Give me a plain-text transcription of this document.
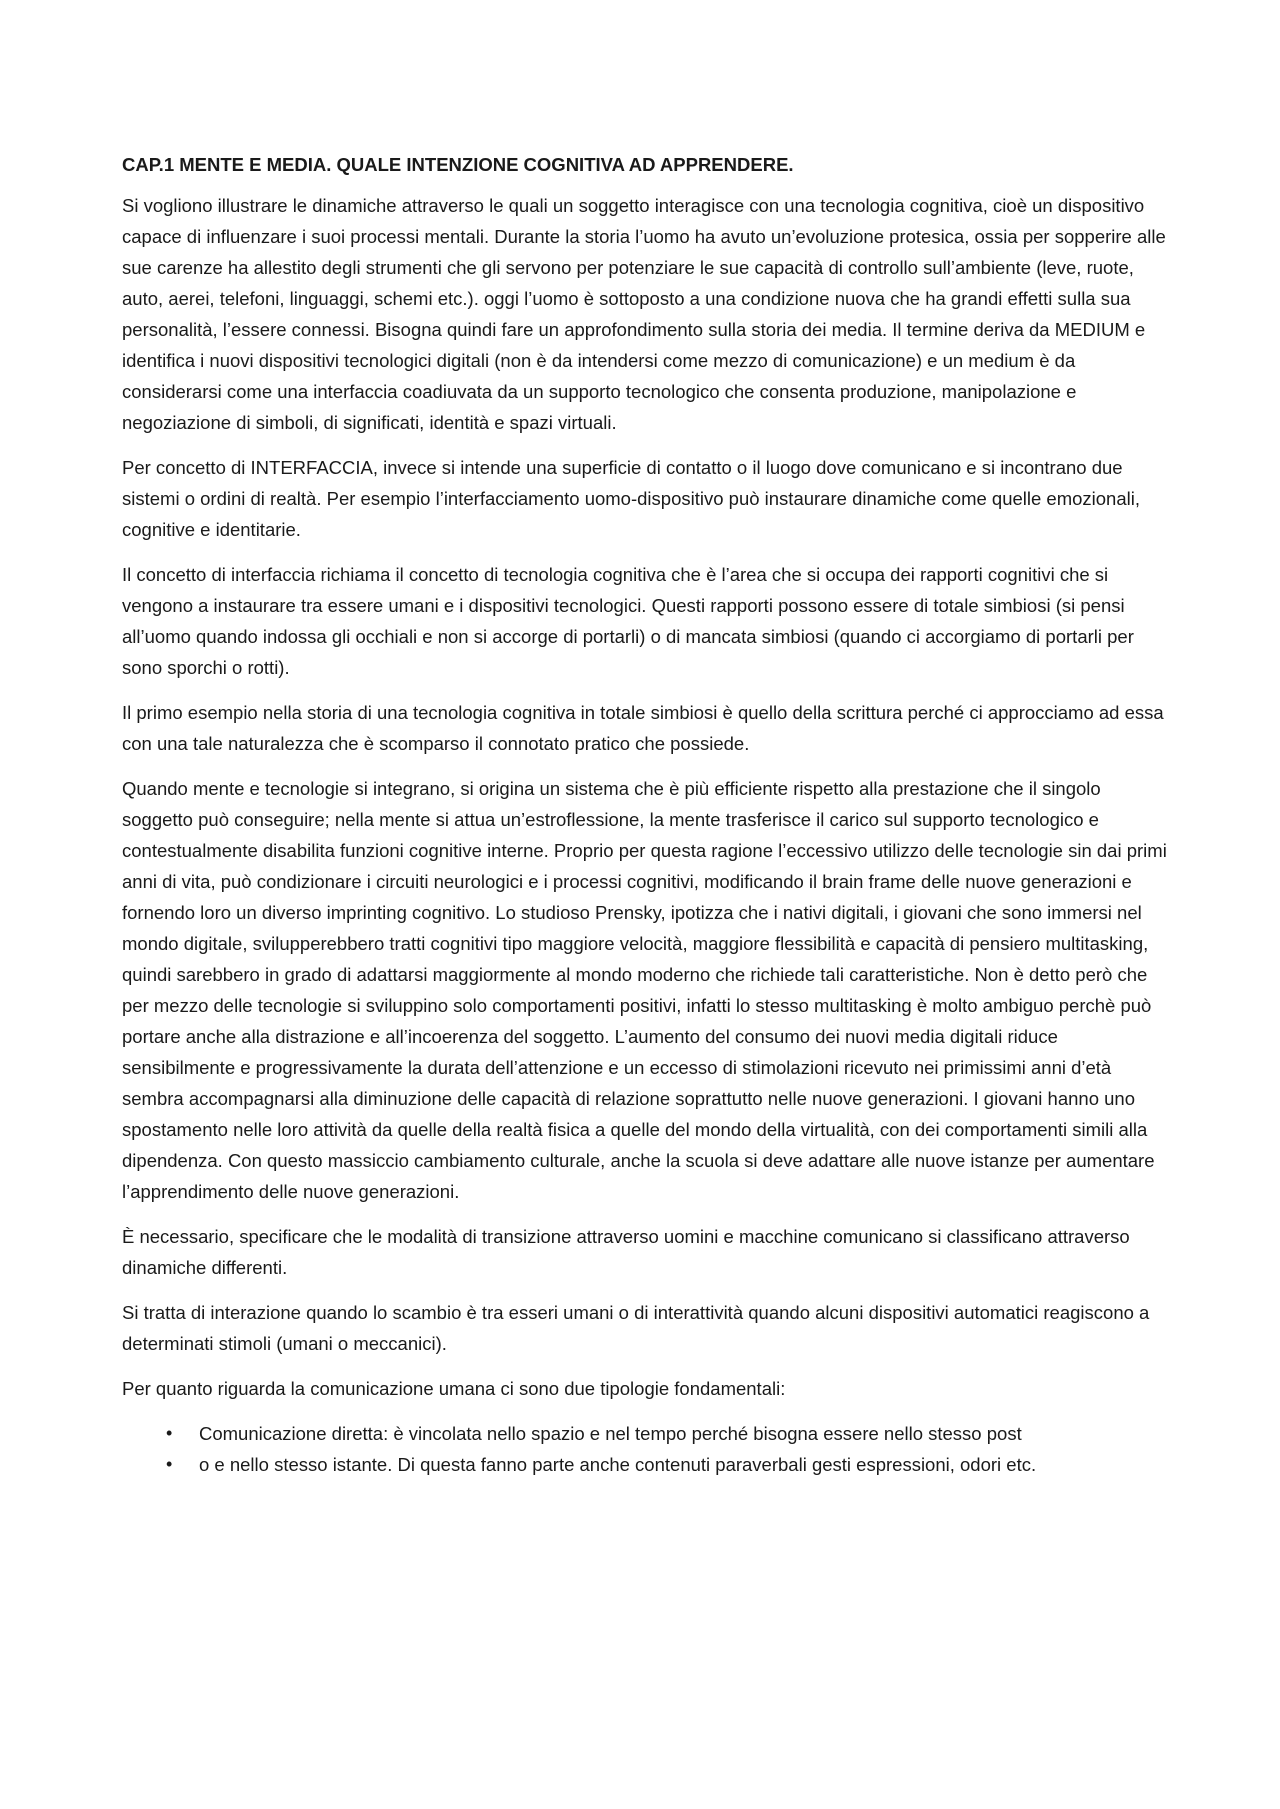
CAP.1 MENTE E MEDIA. QUALE INTENZIONE COGNITIVA AD APPRENDERE.

Si vogliono illustrare le dinamiche attraverso le quali un soggetto interagisce con una tecnologia cognitiva, cioè un dispositivo capace di influenzare i suoi processi mentali. Durante la storia l’uomo ha avuto un’evoluzione protesica, ossia per sopperire alle sue carenze ha allestito degli strumenti che gli servono per potenziare le sue capacità di controllo sull’ambiente (leve, ruote, auto, aerei, telefoni, linguaggi, schemi etc.). oggi l’uomo è sottoposto a una condizione nuova che ha grandi effetti sulla sua personalità, l’essere connessi. Bisogna quindi fare un approfondimento sulla storia dei media. Il termine deriva da MEDIUM e identifica i nuovi dispositivi tecnologici digitali (non è da intendersi come mezzo di comunicazione) e un medium è da considerarsi come una interfaccia coadiuvata da un supporto tecnologico che consenta produzione, manipolazione e negoziazione di simboli, di significati, identità e spazi virtuali.

Per concetto di INTERFACCIA, invece si intende una superficie di contatto o il luogo dove comunicano e si incontrano due sistemi o ordini di realtà. Per esempio l’interfacciamento uomo-dispositivo può instaurare dinamiche come quelle emozionali, cognitive e identitarie.

Il concetto di interfaccia richiama il concetto di tecnologia cognitiva che è l’area che si occupa dei rapporti cognitivi che si vengono a instaurare tra essere umani e i dispositivi tecnologici. Questi rapporti possono essere di totale simbiosi (si pensi all’uomo quando indossa gli occhiali e non si accorge di portarli) o di mancata simbiosi (quando ci accorgiamo di portarli per sono sporchi o rotti).

Il primo esempio nella storia di una tecnologia cognitiva in totale simbiosi è quello della scrittura perché ci approcciamo ad essa con una tale naturalezza che è scomparso il connotato pratico che possiede.

Quando mente e tecnologie si integrano, si origina un sistema che è più efficiente rispetto alla prestazione che il singolo soggetto può conseguire; nella mente si attua un’estroflessione, la mente trasferisce il carico sul supporto tecnologico e contestualmente disabilita funzioni cognitive interne. Proprio per questa ragione l’eccessivo utilizzo delle tecnologie sin dai primi anni di vita, può condizionare i circuiti neurologici e i processi cognitivi, modificando il brain frame delle nuove generazioni e fornendo loro un diverso imprinting cognitivo. Lo studioso Prensky, ipotizza che i nativi digitali, i giovani che sono immersi nel mondo digitale, svilupperebbero tratti cognitivi tipo maggiore velocità, maggiore flessibilità e capacità di pensiero multitasking, quindi sarebbero in grado di adattarsi maggiormente al mondo moderno che richiede tali caratteristiche. Non è detto però che per mezzo delle tecnologie si sviluppino solo comportamenti positivi, infatti lo stesso multitasking è molto ambiguo perchè può portare anche alla distrazione e all’incoerenza del soggetto. L’aumento del consumo dei nuovi media digitali riduce sensibilmente e progressivamente la durata dell’attenzione e un eccesso di stimolazioni ricevuto nei primissimi anni d’età sembra accompagnarsi alla diminuzione delle capacità di relazione soprattutto nelle nuove generazioni. I giovani hanno uno spostamento nelle loro attività da quelle della realtà fisica a quelle del mondo della virtualità, con dei comportamenti simili alla dipendenza. Con questo massiccio cambiamento culturale, anche la scuola si deve adattare alle nuove istanze per aumentare l’apprendimento delle nuove generazioni.

È necessario, specificare che le modalità di transizione attraverso uomini e macchine comunicano si classificano attraverso dinamiche differenti.

Si tratta di interazione quando lo scambio è tra esseri umani o di interattività quando alcuni dispositivi automatici reagiscono a determinati stimoli (umani o meccanici).

Per quanto riguarda la comunicazione umana ci sono due tipologie fondamentali:

• Comunicazione diretta: è vincolata nello spazio e nel tempo perché bisogna essere nello stesso post
• o e nello stesso istante. Di questa fanno parte anche contenuti paraverbali gesti espressioni, odori etc.
